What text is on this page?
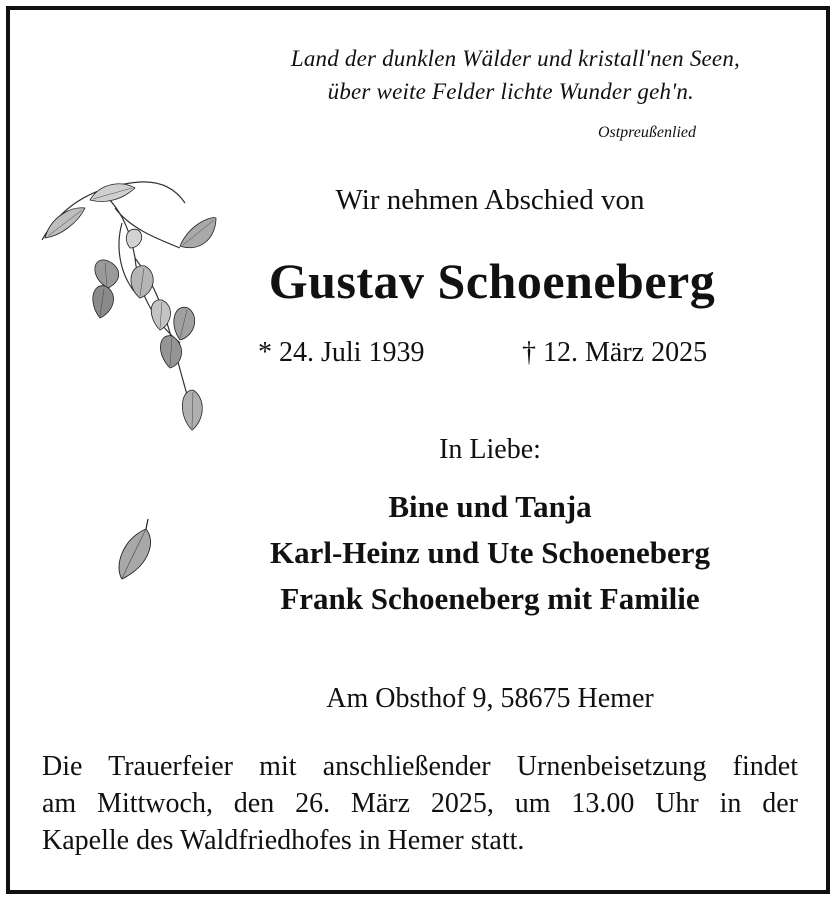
Land der dunklen Wälder und kristall'nen Seen,
über weite Felder lichte Wunder geh'n.
Ostpreußenlied
Wir nehmen Abschied von
Gustav Schoeneberg
* 24. Juli 1939	† 12. März 2025
In Liebe:
Bine und Tanja
Karl-Heinz und Ute Schoeneberg
Frank Schoeneberg mit Familie
Am Obsthof 9, 58675 Hemer
Die Trauerfeier mit anschließender Urnenbeisetzung findet
am Mittwoch, den 26. März 2025, um 13.00 Uhr in der
Kapelle des Waldfriedhofes in Hemer statt.
